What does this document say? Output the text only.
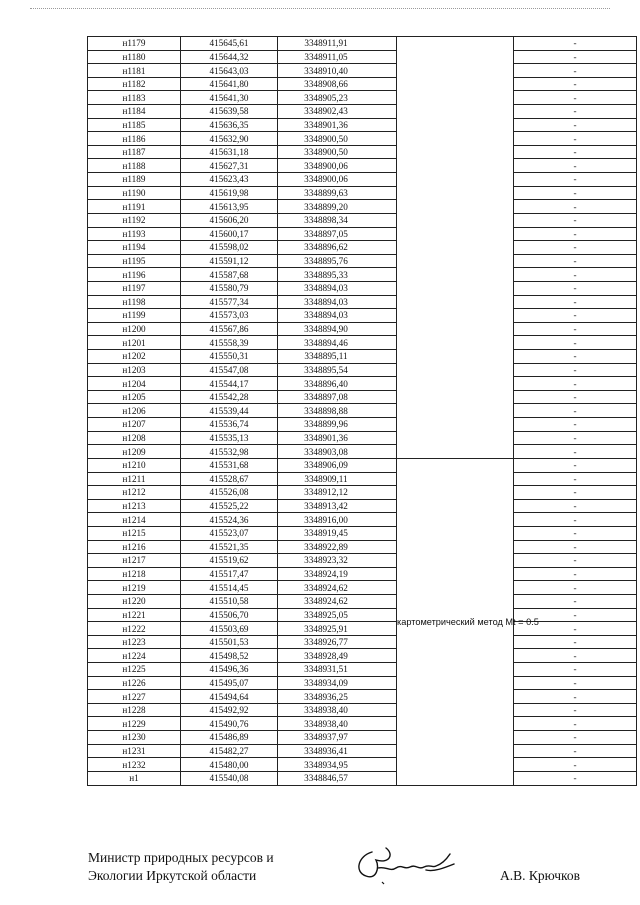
н1179	415645,61	3348911,91		-
н1180	415644,32	3348911,05		-
н1181	415643,03	3348910,40		-
н1182	415641,80	3348908,66		-
н1183	415641,30	3348905,23		-
н1184	415639,58	3348902,43		-
н1185	415636,35	3348901,36		-
н1186	415632,90	3348900,50		-
н1187	415631,18	3348900,50		-
н1188	415627,31	3348900,06		-
н1189	415623,43	3348900,06		-
н1190	415619,98	3348899,63		-
н1191	415613,95	3348899,20		-
н1192	415606,20	3348898,34		-
н1193	415600,17	3348897,05		-
н1194	415598,02	3348896,62		-
н1195	415591,12	3348895,76		-
н1196	415587,68	3348895,33		-
н1197	415580,79	3348894,03		-
н1198	415577,34	3348894,03		-
н1199	415573,03	3348894,03		-
н1200	415567,86	3348894,90		-
н1201	415558,39	3348894,46		-
н1202	415550,31	3348895,11		-
н1203	415547,08	3348895,54		-
н1204	415544,17	3348896,40		-
н1205	415542,28	3348897,08		-
н1206	415539,44	3348898,88		-
н1207	415536,74	3348899,96		-
н1208	415535,13	3348901,36		-
н1209	415532,98	3348903,08		-
н1210	415531,68	3348906,09	картометрический метод Mt = 0.5	-
н1211	415528,67	3348909,11		-
н1212	415526,08	3348912,12		-
н1213	415525,22	3348913,42		-
н1214	415524,36	3348916,00		-
н1215	415523,07	3348919,45		-
н1216	415521,35	3348922,89		-
н1217	415519,62	3348923,32		-
н1218	415517,47	3348924,19		-
н1219	415514,45	3348924,62		-
н1220	415510,58	3348924,62		-
н1221	415506,70	3348925,05		-
н1222	415503,69	3348925,91		-
н1223	415501,53	3348926,77		-
н1224	415498,52	3348928,49		-
н1225	415496,36	3348931,51		-
н1226	415495,07	3348934,09		-
н1227	415494,64	3348936,25		-
н1228	415492,92	3348938,40		-
н1229	415490,76	3348938,40		-
н1230	415486,89	3348937,97		-
н1231	415482,27	3348936,41		-
н1232	415480,00	3348934,95		-
н1	415540,08	3348846,57		-
Министр природных ресурсов и
Экологии Иркутской области	А.В. Крючков
